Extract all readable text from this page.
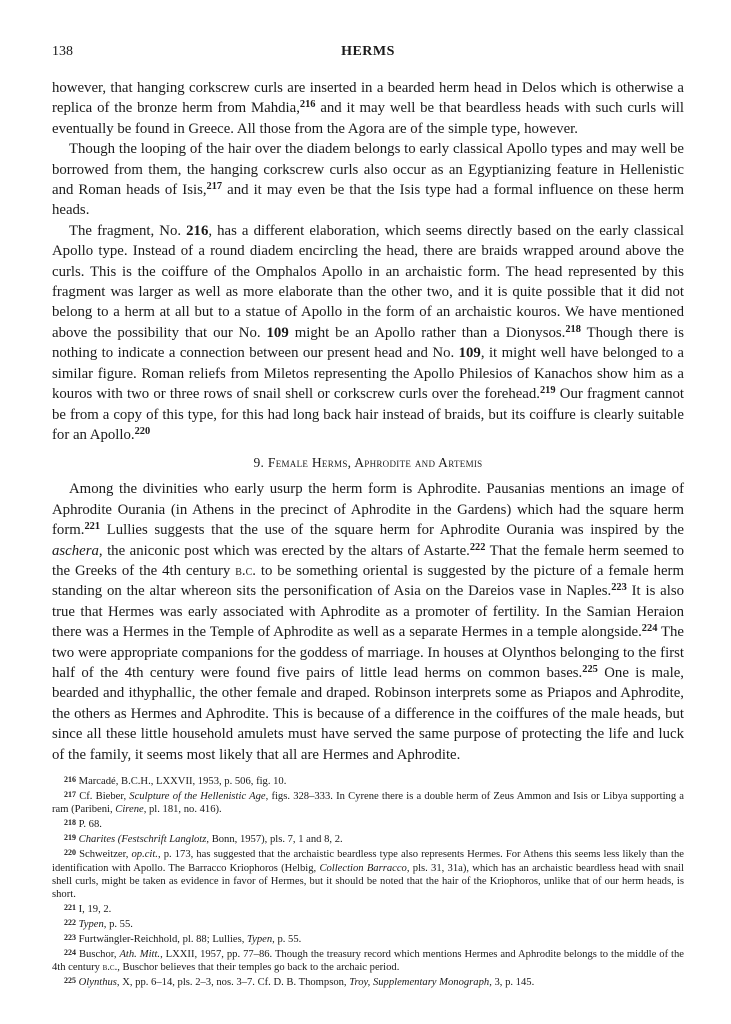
138	HERMS

however, that hanging corkscrew curls are inserted in a bearded herm head in Delos which is otherwise a replica of the bronze herm from Mahdia,$^{216}$ and it may well be that beardless heads with such curls will eventually be found in Greece. All those from the Agora are of the simple type, however.

Though the looping of the hair over the diadem belongs to early classical Apollo types and may well be borrowed from them, the hanging corkscrew curls also occur as an Egyptianizing feature in Hellenistic and Roman heads of Isis,$^{217}$ and it may even be that the Isis type had a formal influence on these herm heads.

The fragment, No. 216, has a different elaboration, which seems directly based on the early classical Apollo type. Instead of a round diadem encircling the head, there are braids wrapped around above the curls. This is the coiffure of the Omphalos Apollo in an archaistic form. The head represented by this fragment was larger as well as more elaborate than the other two, and it is quite possible that it did not belong to a herm at all but to a statue of Apollo in the form of an archaistic kouros. We have mentioned above the possibility that our No. 109 might be an Apollo rather than a Dionysos.$^{218}$ Though there is nothing to indicate a connection between our present head and No. 109, it might well have belonged to a similar figure. Roman reliefs from Miletos representing the Apollo Philesios of Kanachos show him as a kouros with two or three rows of snail shell or corkscrew curls over the forehead.$^{219}$ Our fragment cannot be from a copy of this type, for this had long back hair instead of braids, but its coiffure is clearly suitable for an Apollo.$^{220}$

9. Female Herms, Aphrodite and Artemis

Among the divinities who early usurp the herm form is Aphrodite. Pausanias mentions an image of Aphrodite Ourania (in Athens in the precinct of Aphrodite in the Gardens) which had the square herm form.$^{221}$ Lullies suggests that the use of the square herm for Aphrodite Ourania was inspired by the aschera, the aniconic post which was erected by the altars of Astarte.$^{222}$ That the female herm seemed to the Greeks of the 4th century b.c. to be something oriental is suggested by the picture of a female herm standing on the altar whereon sits the personification of Asia on the Dareios vase in Naples.$^{223}$ It is also true that Hermes was early associated with Aphrodite as a promoter of fertility. In the Samian Heraion there was a Hermes in the Temple of Aphrodite as well as a separate Hermes in a temple alongside.$^{224}$ The two were appropriate companions for the goddess of marriage. In houses at Olynthos belonging to the first half of the 4th century were found five pairs of little lead herms on common bases.$^{225}$ One is male, bearded and ithyphallic, the other female and draped. Robinson interprets some as Priapos and Aphrodite, the others as Hermes and Aphrodite. This is because of a difference in the coiffures of the male heads, but since all these little household amulets must have served the same purpose of protecting the life and luck of the family, it seems most likely that all are Hermes and Aphrodite.

216 Marcadé, B.C.H., LXXVII, 1953, p. 506, fig. 10.

217 Cf. Bieber, Sculpture of the Hellenistic Age, figs. 328–333. In Cyrene there is a double herm of Zeus Ammon and Isis or Libya supporting a ram (Paribeni, Cirene, pl. 181, no. 416).

218 P. 68.

219 Charites (Festschrift Langlotz, Bonn, 1957), pls. 7, 1 and 8, 2.

220 Schweitzer, op.cit., p. 173, has suggested that the archaistic beardless type also represents Hermes. For Athens this seems less likely than the identification with Apollo. The Barracco Kriophoros (Helbig, Collection Barracco, pls. 31, 31a), which has an archaistic beardless head with snail shell curls, might be taken as evidence in favor of Hermes, but it should be noted that the hair of the Kriophoros, unlike that of our herm heads, is short.

221 I, 19, 2.

222 Typen, p. 55.

223 Furtwängler-Reichhold, pl. 88; Lullies, Typen, p. 55.

224 Buschor, Ath. Mitt., LXXII, 1957, pp. 77–86. Though the treasury record which mentions Hermes and Aphrodite belongs to the middle of the 4th century b.c., Buschor believes that their temples go back to the archaic period.

225 Olynthus, X, pp. 6–14, pls. 2–3, nos. 3–7. Cf. D. B. Thompson, Troy, Supplementary Monograph, 3, p. 145.
